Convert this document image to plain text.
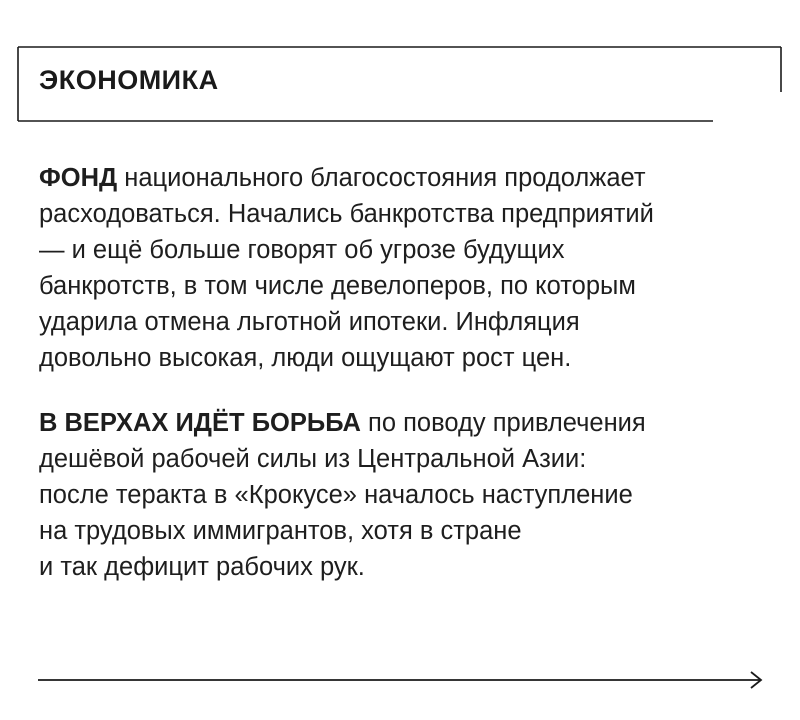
ЭКОНОМИКА

ФОНД национального благосостояния продолжает
расходоваться. Начались банкротства предприятий
— и ещё больше говорят об угрозе будущих
банкротств, в том числе девелоперов, по которым
ударила отмена льготной ипотеки. Инфляция
довольно высокая, люди ощущают рост цен.

В ВЕРХАХ ИДЁТ БОРЬБА по поводу привлечения
дешёвой рабочей силы из Центральной Азии:
после теракта в «Крокусе» началось наступление
на трудовых иммигрантов, хотя в стране
и так дефицит рабочих рук.
